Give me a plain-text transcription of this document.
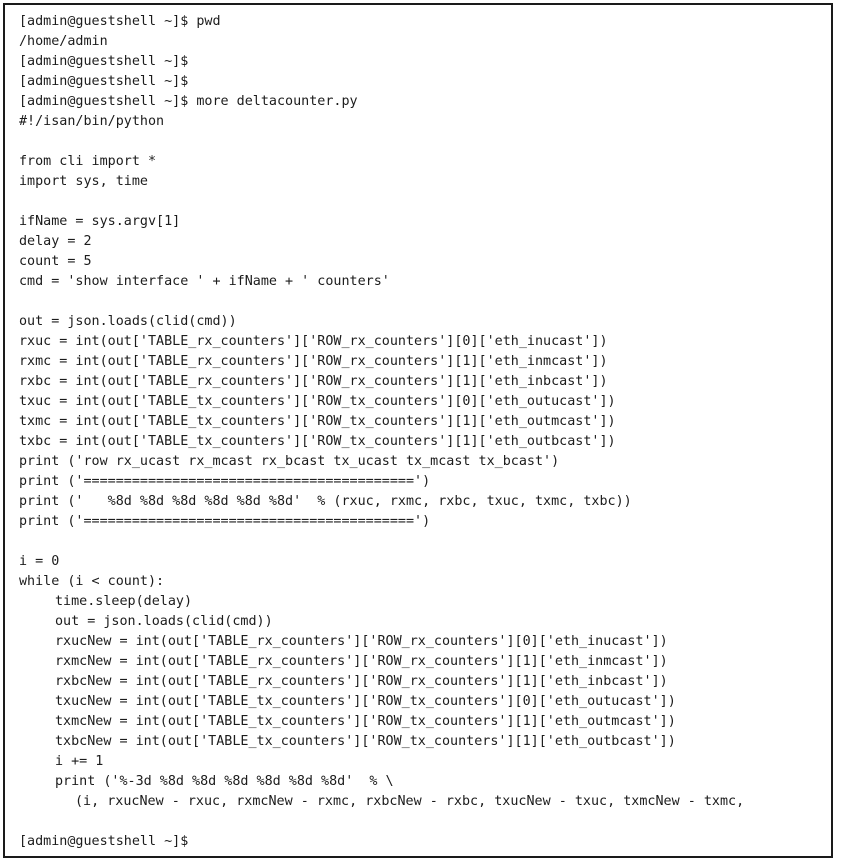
[admin@guestshell ~]$ pwd
/home/admin
[admin@guestshell ~]$
[admin@guestshell ~]$
[admin@guestshell ~]$ more deltacounter.py
#!/isan/bin/python
from cli import *
import sys, time
ifName = sys.argv[1]
delay = 2
count = 5
cmd = 'show interface ' + ifName + ' counters'
out = json.loads(clid(cmd))
rxuc = int(out['TABLE_rx_counters']['ROW_rx_counters'][0]['eth_inucast'])
rxmc = int(out['TABLE_rx_counters']['ROW_rx_counters'][1]['eth_inmcast'])
rxbc = int(out['TABLE_rx_counters']['ROW_rx_counters'][1]['eth_inbcast'])
txuc = int(out['TABLE_tx_counters']['ROW_tx_counters'][0]['eth_outucast'])
txmc = int(out['TABLE_tx_counters']['ROW_tx_counters'][1]['eth_outmcast'])
txbc = int(out['TABLE_tx_counters']['ROW_tx_counters'][1]['eth_outbcast'])
print ('row rx_ucast rx_mcast rx_bcast tx_ucast tx_mcast tx_bcast')
print ('=========================================')
print ('   %8d %8d %8d %8d %8d %8d'  % (rxuc, rxmc, rxbc, txuc, txmc, txbc))
print ('=========================================')
i = 0
while (i < count):
time.sleep(delay)
out = json.loads(clid(cmd))
rxucNew = int(out['TABLE_rx_counters']['ROW_rx_counters'][0]['eth_inucast'])
rxmcNew = int(out['TABLE_rx_counters']['ROW_rx_counters'][1]['eth_inmcast'])
rxbcNew = int(out['TABLE_rx_counters']['ROW_rx_counters'][1]['eth_inbcast'])
txucNew = int(out['TABLE_tx_counters']['ROW_tx_counters'][0]['eth_outucast'])
txmcNew = int(out['TABLE_tx_counters']['ROW_tx_counters'][1]['eth_outmcast'])
txbcNew = int(out['TABLE_tx_counters']['ROW_tx_counters'][1]['eth_outbcast'])
i += 1
print ('%-3d %8d %8d %8d %8d %8d %8d'  % \
(i, rxucNew - rxuc, rxmcNew - rxmc, rxbcNew - rxbc, txucNew - txuc, txmcNew - txmc,
[admin@guestshell ~]$
